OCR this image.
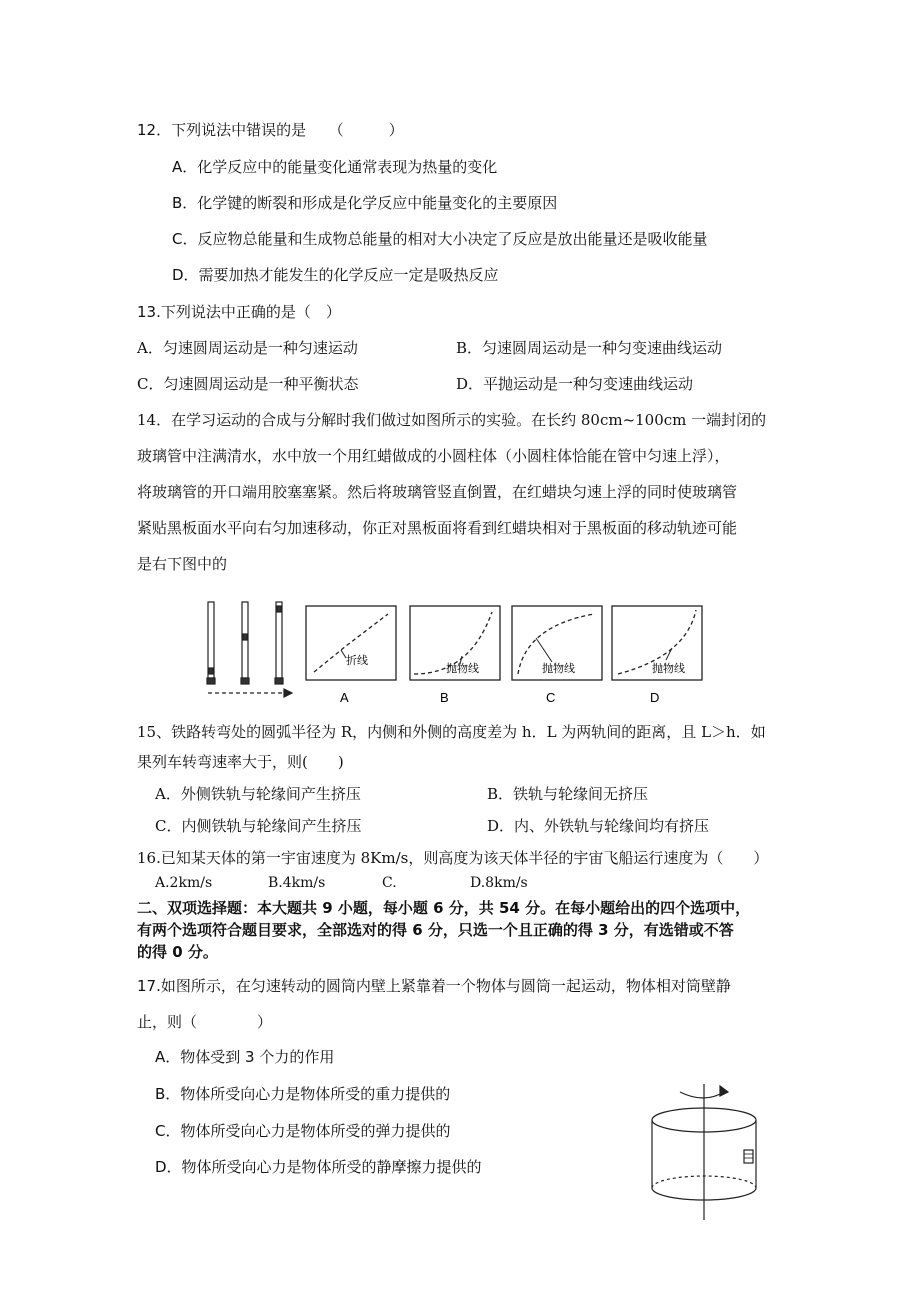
12．下列说法中错误的是　　（　　　）
A．化学反应中的能量变化通常表现为热量的变化
B．化学键的断裂和形成是化学反应中能量变化的主要原因
C．反应物总能量和生成物总能量的相对大小决定了反应是放出能量还是吸收能量
D．需要加热才能发生的化学反应一定是吸热反应
13.下列说法中正确的是（　）
A．匀速圆周运动是一种匀速运动	B．匀速圆周运动是一种匀变速曲线运动
C．匀速圆周运动是一种平衡状态	D．平抛运动是一种匀变速曲线运动
14．在学习运动的合成与分解时我们做过如图所示的实验。在长约 80cm~100cm 一端封闭的
玻璃管中注满清水，水中放一个用红蜡做成的小圆柱体（小圆柱体恰能在管中匀速上浮），
将玻璃管的开口端用胶塞塞紧。然后将玻璃管竖直倒置，在红蜡块匀速上浮的同时使玻璃管
紧贴黑板面水平向右匀加速移动，你正对黑板面将看到红蜡块相对于黑板面的移动轨迹可能
是右下图中的
折线
抛物线	抛物线	抛物线
A	B	C	D
15、铁路转弯处的圆弧半径为 R，内侧和外侧的高度差为 h．L 为两轨间的距离，且 L＞h．如
果列车转弯速率大于，则(　　)
A．外侧铁轨与轮缘间产生挤压	B．铁轨与轮缘间无挤压
C．内侧铁轨与轮缘间产生挤压	D．内、外铁轨与轮缘间均有挤压
16.已知某天体的第一宇宙速度为 8Km/s，则高度为该天体半径的宇宙飞船运行速度为（　　）
A.2km/s	B.4km/s	C.	D.8km/s
二、双项选择题：本大题共 9 小题，每小题 6 分，共 54 分。在每小题给出的四个选项中，
有两个选项符合题目要求，全部选对的得 6 分，只选一个且正确的得 3 分，有选错或不答
的得 0 分。
17.如图所示，在匀速转动的圆筒内壁上紧靠着一个物体与圆筒一起运动，物体相对筒壁静
止，则（　　　　）
A．物体受到 3 个力的作用
B．物体所受向心力是物体所受的重力提供的
C．物体所受向心力是物体所受的弹力提供的
D．物体所受向心力是物体所受的静摩擦力提供的
